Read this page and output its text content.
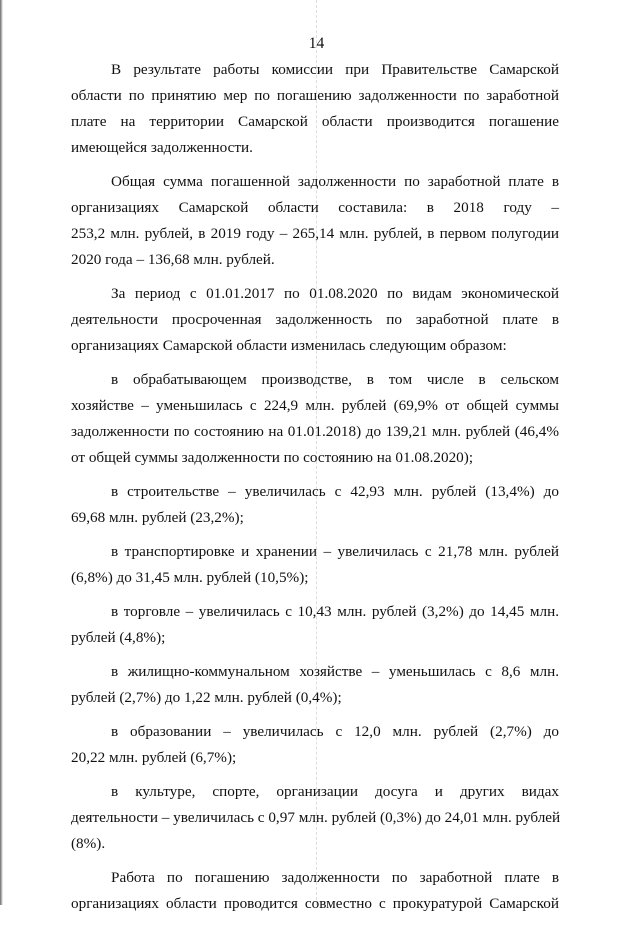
14

В результате работы комиссии при Правительстве Самарской
области по принятию мер по погашению задолженности по заработной
плате на территории Самарской области производится погашение
имеющейся задолженности.

Общая сумма погашенной задолженности по заработной плате в
организациях Самарской области составила: в 2018 году –
253,2 млн. рублей, в 2019 году – 265,14 млн. рублей, в первом полугодии
2020 года – 136,68 млн. рублей.

За период с 01.01.2017 по 01.08.2020 по видам экономической
деятельности просроченная задолженность по заработной плате в
организациях Самарской области изменилась следующим образом:

в обрабатывающем производстве, в том числе в сельском
хозяйстве – уменьшилась с 224,9 млн. рублей (69,9% от общей суммы
задолженности по состоянию на 01.01.2018) до 139,21 млн. рублей (46,4%
от общей суммы задолженности по состоянию на 01.08.2020);

в строительстве – увеличилась с 42,93 млн. рублей (13,4%) до
69,68 млн. рублей (23,2%);

в транспортировке и хранении – увеличилась с 21,78 млн. рублей
(6,8%) до 31,45 млн. рублей (10,5%);

в торговле – увеличилась с 10,43 млн. рублей (3,2%) до 14,45 млн.
рублей (4,8%);

в жилищно-коммунальном хозяйстве – уменьшилась с 8,6 млн.
рублей (2,7%) до 1,22 млн. рублей (0,4%);

в образовании – увеличилась с 12,0 млн. рублей (2,7%) до
20,22 млн. рублей (6,7%);

в культуре, спорте, организации досуга и других видах
деятельности – увеличилась с 0,97 млн. рублей (0,3%) до 24,01 млн. рублей
(8%).

Работа по погашению задолженности по заработной плате в
организациях области проводится совместно с прокуратурой Самарской
